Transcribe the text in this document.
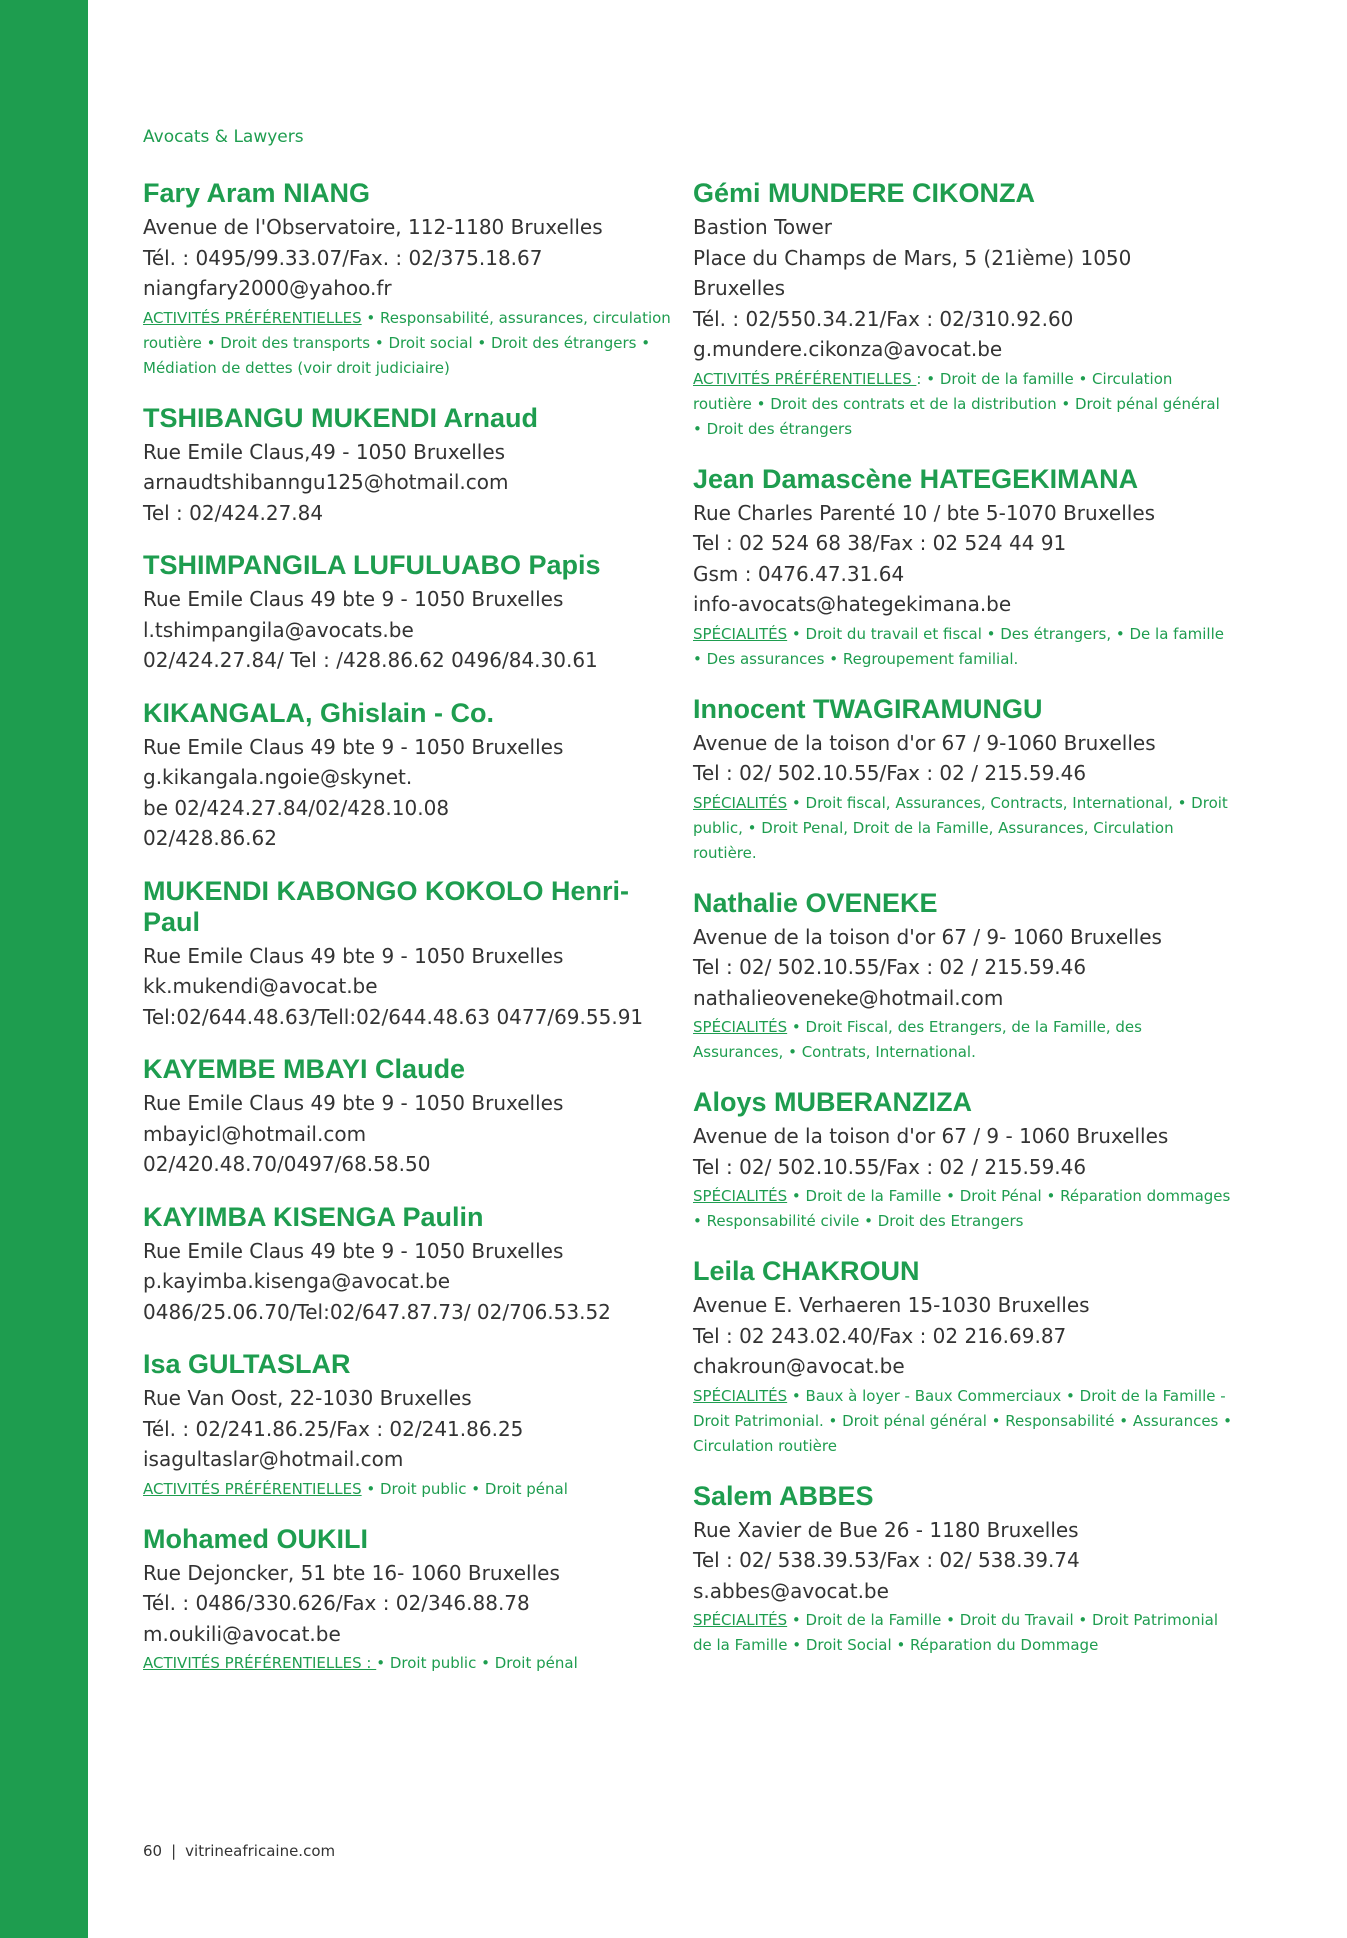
Avocats & Lawyers
Fary Aram NIANG
Avenue de l'Observatoire, 112-1180 Bruxelles
Tél. : 0495/99.33.07/Fax. : 02/375.18.67
niangfary2000@yahoo.fr
ACTIVITÉS PRÉFÉRENTIELLES • Responsabilité, assurances, circulation routière • Droit des transports • Droit social • Droit des étrangers • Médiation de dettes (voir droit judiciaire)
TSHIBANGU MUKENDI Arnaud
Rue Emile Claus,49 - 1050 Bruxelles
arnaudtshibanngu125@hotmail.com
Tel : 02/424.27.84
TSHIMPANGILA LUFULUABO Papis
Rue Emile Claus 49 bte 9 - 1050 Bruxelles
l.tshimpangila@avocats.be
02/424.27.84/ Tel : /428.86.62 0496/84.30.61
KIKANGALA, Ghislain - Co.
Rue Emile Claus 49 bte 9 - 1050 Bruxelles
g.kikangala.ngoie@skynet.
be 02/424.27.84/02/428.10.08
02/428.86.62
MUKENDI KABONGO KOKOLO Henri-Paul
Rue Emile Claus 49 bte 9 - 1050 Bruxelles
kk.mukendi@avocat.be
Tel:02/644.48.63/Tell:02/644.48.63 0477/69.55.91
KAYEMBE MBAYI Claude
Rue Emile Claus 49 bte 9 - 1050 Bruxelles
mbayicl@hotmail.com
02/420.48.70/0497/68.58.50
KAYIMBA KISENGA Paulin
Rue Emile Claus 49 bte 9 - 1050 Bruxelles
p.kayimba.kisenga@avocat.be
0486/25.06.70/Tel:02/647.87.73/ 02/706.53.52
Isa GULTASLAR
Rue Van Oost, 22-1030 Bruxelles
Tél. : 02/241.86.25/Fax : 02/241.86.25
isagultaslar@hotmail.com
ACTIVITÉS PRÉFÉRENTIELLES • Droit public • Droit pénal
Mohamed OUKILI
Rue Dejoncker, 51 bte 16- 1060 Bruxelles
Tél. : 0486/330.626/Fax : 02/346.88.78
m.oukili@avocat.be
ACTIVITÉS PRÉFÉRENTIELLES : • Droit public • Droit pénal
Gémi MUNDERE CIKONZA
Bastion Tower
Place du Champs de Mars, 5 (21ième) 1050
Bruxelles
Tél. : 02/550.34.21/Fax : 02/310.92.60
g.mundere.cikonza@avocat.be
ACTIVITÉS PRÉFÉRENTIELLES : • Droit de la famille • Circulation routière • Droit des contrats et de la distribution • Droit pénal général • Droit des étrangers
Jean Damascène HATEGEKIMANA
Rue Charles Parenté 10 / bte 5-1070 Bruxelles
Tel : 02 524 68 38/Fax : 02 524 44 91
Gsm : 0476.47.31.64
info-avocats@hategekimana.be
SPÉCIALITÉS • Droit du travail et fiscal • Des étrangers, • De la famille • Des assurances • Regroupement familial.
Innocent TWAGIRAMUNGU
Avenue de la toison d'or 67 / 9-1060 Bruxelles
Tel : 02/ 502.10.55/Fax : 02 / 215.59.46
SPÉCIALITÉS • Droit fiscal, Assurances, Contracts, International, • Droit public, • Droit Penal, Droit de la Famille, Assurances, Circulation routière.
Nathalie OVENEKE
Avenue de la toison d'or 67 / 9- 1060 Bruxelles
Tel : 02/ 502.10.55/Fax : 02 / 215.59.46
nathalieoveneke@hotmail.com
SPÉCIALITÉS • Droit Fiscal, des Etrangers, de la Famille, des Assurances, • Contrats, International.
Aloys MUBERANZIZA
Avenue de la toison d'or 67 / 9 - 1060 Bruxelles
Tel : 02/ 502.10.55/Fax : 02 / 215.59.46
SPÉCIALITÉS • Droit de la Famille • Droit Pénal • Réparation dommages • Responsabilité civile • Droit des Etrangers
Leila CHAKROUN
Avenue E. Verhaeren 15-1030 Bruxelles
Tel : 02 243.02.40/Fax : 02 216.69.87
chakroun@avocat.be
SPÉCIALITÉS • Baux à loyer - Baux Commerciaux • Droit de la Famille - Droit Patrimonial. • Droit pénal général • Responsabilité • Assurances • Circulation routière
Salem ABBES
Rue Xavier de Bue 26 - 1180 Bruxelles
Tel : 02/ 538.39.53/Fax : 02/ 538.39.74
s.abbes@avocat.be
SPÉCIALITÉS • Droit de la Famille • Droit du Travail • Droit Patrimonial de la Famille • Droit Social • Réparation du Dommage
60 | vitrineafricaine.com
